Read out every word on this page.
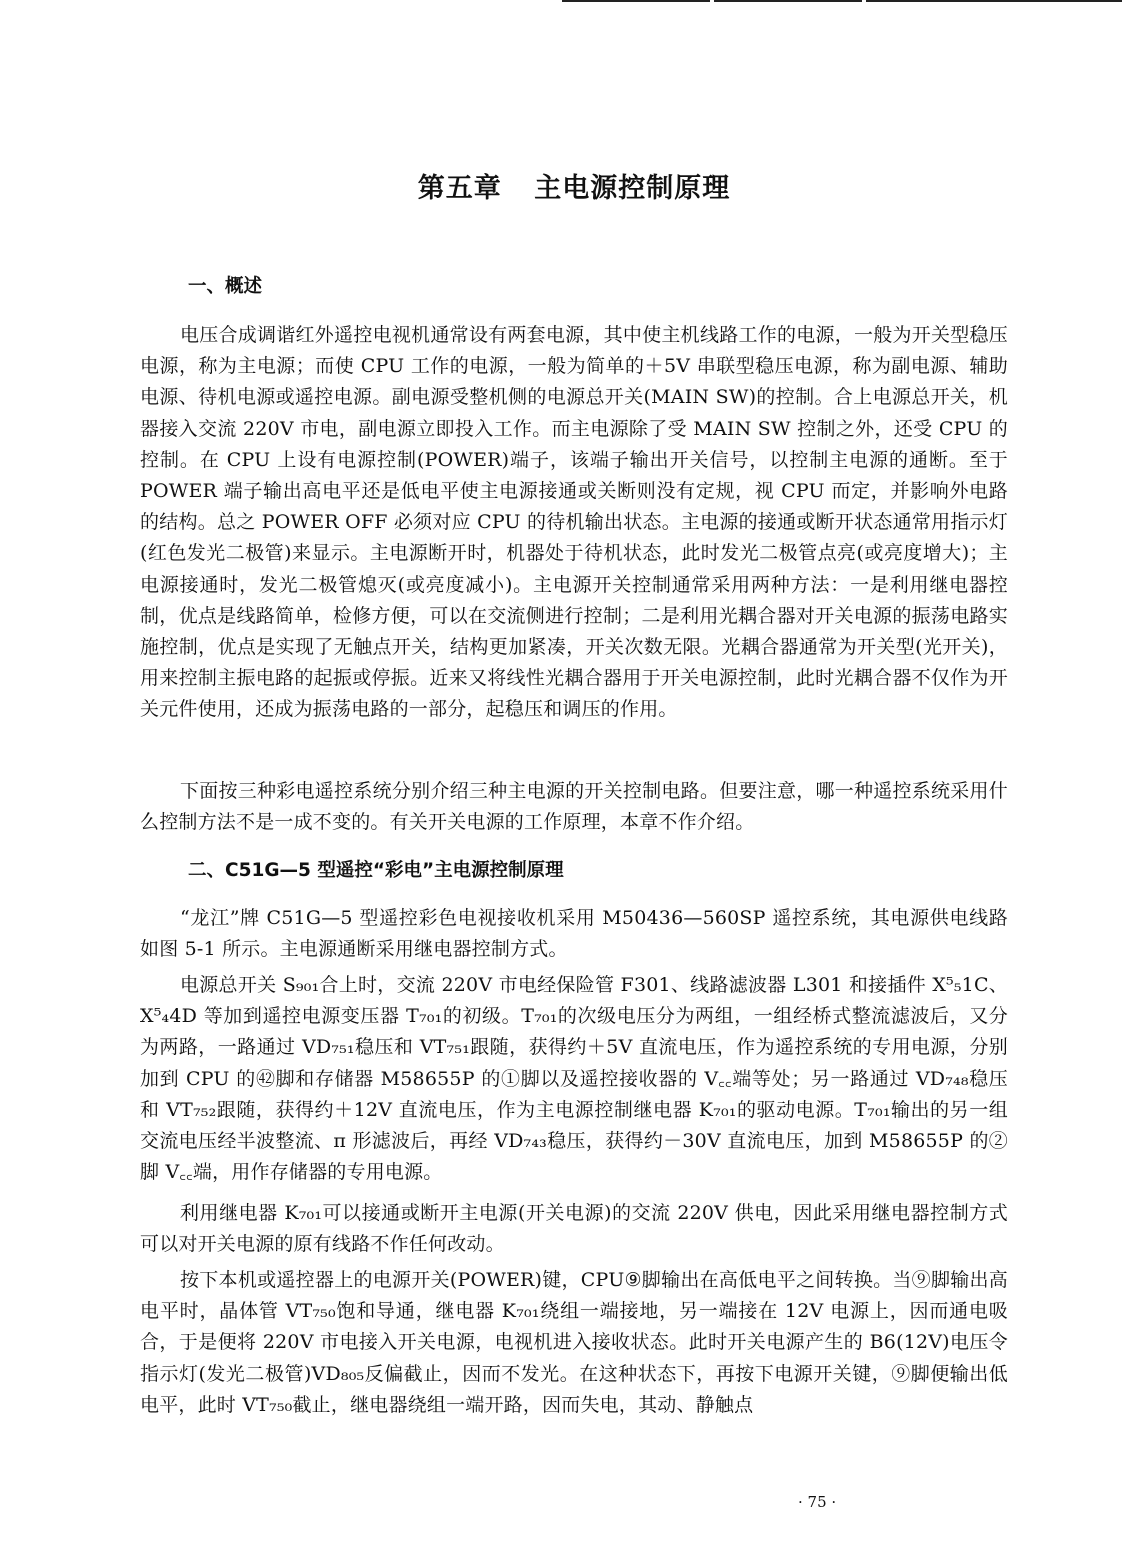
第五章 主电源控制原理
一、概述

电压合成调谐红外遥控电视机通常设有两套电源，其中使主机线路工作的电源，一般为开关型稳压电源，称为主电源；而使 CPU 工作的电源，一般为简单的＋5V 串联型稳压电源，称为副电源、辅助电源、待机电源或遥控电源。副电源受整机侧的电源总开关(MAIN SW)的控制。合上电源总开关，机器接入交流 220V 市电，副电源立即投入工作。而主电源除了受 MAIN SW 控制之外，还受 CPU 的控制。在 CPU 上设有电源控制(POWER)端子，该端子输出开关信号，以控制主电源的通断。至于 POWER 端子输出高电平还是低电平使主电源接通或关断则没有定规，视 CPU 而定，并影响外电路的结构。总之 POWER OFF 必须对应 CPU 的待机输出状态。主电源的接通或断开状态通常用指示灯(红色发光二极管)来显示。主电源断开时，机器处于待机状态，此时发光二极管点亮(或亮度增大)；主电源接通时，发光二极管熄灭(或亮度减小)。主电源开关控制通常采用两种方法：一是利用继电器控制，优点是线路简单，检修方便，可以在交流侧进行控制；二是利用光耦合器对开关电源的振荡电路实施控制，优点是实现了无触点开关，结构更加紧凑，开关次数无限。光耦合器通常为开关型(光开关)，用来控制主振电路的起振或停振。近来又将线性光耦合器用于开关电源控制，此时光耦合器不仅作为开关元件使用，还成为振荡电路的一部分，起稳压和调压的作用。

下面按三种彩电遥控系统分别介绍三种主电源的开关控制电路。但要注意，哪一种遥控系统采用什么控制方法不是一成不变的。有关开关电源的工作原理，本章不作介绍。

二、C51G—5 型遥控“彩电”主电源控制原理

“龙江”牌 C51G—5 型遥控彩色电视接收机采用 M50436—560SP 遥控系统，其电源供电线路如图 5-1 所示。主电源通断采用继电器控制方式。

电源总开关 S₉₀₁合上时，交流 220V 市电经保险管 F301、线路滤波器 L301 和接插件 X⁵₅1C、X⁵₄4D 等加到遥控电源变压器 T₇₀₁的初级。T₇₀₁的次级电压分为两组，一组经桥式整流滤波后，又分为两路，一路通过 VD₇₅₁稳压和 VT₇₅₁跟随，获得约＋5V 直流电压，作为遥控系统的专用电源，分别加到 CPU 的㊷脚和存储器 M58655P 的①脚以及遥控接收器的 V꜀꜀端等处；另一路通过 VD₇₄₈稳压和 VT₇₅₂跟随，获得约＋12V 直流电压，作为主电源控制继电器 K₇₀₁的驱动电源。T₇₀₁输出的另一组交流电压经半波整流、π 形滤波后，再经 VD₇₄₃稳压，获得约－30V 直流电压，加到 M58655P 的②脚 V꜀꜀端，用作存储器的专用电源。

利用继电器 K₇₀₁可以接通或断开主电源(开关电源)的交流 220V 供电，因此采用继电器控制方式可以对开关电源的原有线路不作任何改动。

按下本机或遥控器上的电源开关(POWER)键，CPU⑨脚输出在高低电平之间转换。当⑨脚输出高电平时，晶体管 VT₇₅₀饱和导通，继电器 K₇₀₁绕组一端接地，另一端接在 12V 电源上，因而通电吸合，于是便将 220V 市电接入开关电源，电视机进入接收状态。此时开关电源产生的 B6(12V)电压令指示灯(发光二极管)VD₈₀₅反偏截止，因而不发光。在这种状态下，再按下电源开关键，⑨脚便输出低电平，此时 VT₇₅₀截止，继电器绕组一端开路，因而失电，其动、静触点

· 75 ·
